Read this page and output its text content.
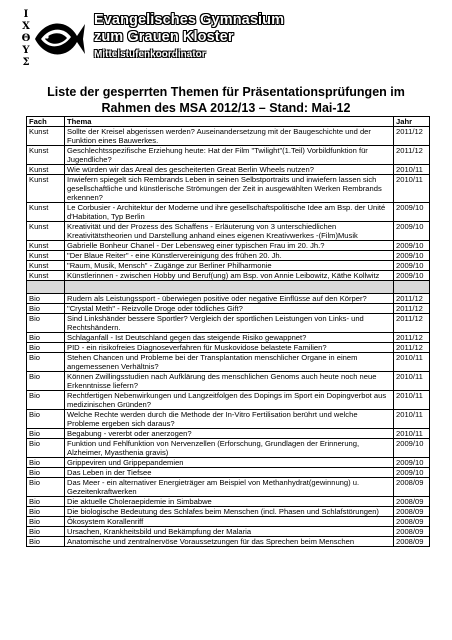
Ι
Χ
Θ
Υ
Σ
Evangelisches Gymnasium
zum Grauen Kloster
Mittelstufenkoordinator
Liste der gesperrten Themen für Präsentationsprüfungen im
Rahmen des MSA 2012/13 – Stand: Mai-12
Fach	Thema	Jahr
Kunst	Sollte der Kreisel abgerissen werden? Auseinandersetzung mit der Baugeschichte und der Funktion eines Bauwerkes.	2011/12
Kunst	Geschlechtsspezifische Erziehung heute: Hat der Film "Twilight"(1.Teil) Vorbildfunktion für Jugendliche?	2011/12
Kunst	Wie würden wir das Areal des gescheiterten Great Berlin Wheels nutzen?	2010/11
Kunst	Inwiefern spiegelt sich Rembrands Leben in seinen Selbstportraits und inwiefern lassen sich gesellschaftliche und künstlerische Strömungen der Zeit in ausgewählten Werken Rembrands erkennen?	2010/11
Kunst	Le Corbusier - Architektur der Moderne und ihre gesellschaftspolitische Idee am Bsp. der Unité d'Habitation, Typ Berlin	2009/10
Kunst	Kreativität und der Prozess des Schaffens - Erläuterung von 3 unterschiedlichen Kreativitätstheorien und Darstellung anhand eines eigenen Kreativwerkes -(Film)Musik	2009/10
Kunst	Gabrielle Bonheur Chanel - Der Lebensweg einer typischen Frau im 20. Jh.?	2009/10
Kunst	"Der Blaue Reiter" - eine Künstlervereinigung des frühen 20. Jh.	2009/10
Kunst	"Raum, Musik, Mensch" - Zugänge zur Berliner Philharmonie	2009/10
Kunst	Künstlerinnen - zwischen Hobby und Beruf(ung) am Bsp. von Annie Leibowitz, Käthe Kollwitz	2009/10

Bio	Rudern als Leistungssport - überwiegen positive oder negative Einflüsse auf den Körper?	2011/12
Bio	"Crystal Meth" - Reizvolle Droge oder tödliches Gift?	2011/12
Bio	Sind Linkshänder bessere Sportler? Vergleich der sportlichen Leistungen von Links- und Rechtshändern.	2011/12
Bio	Schlaganfall - Ist Deutschland gegen das steigende Risiko gewappnet?	2011/12
Bio	PID - ein risikofreies Diagnoseverfahren für Muskovidose belastete Familien?	2011/12
Bio	Stehen Chancen und Probleme bei der Transplantation menschlicher Organe in einem angemessenen Verhältnis?	2010/11
Bio	Können Zwillingsstudien nach Aufklärung des menschlichen Genoms auch heute noch neue Erkenntnisse liefern?	2010/11
Bio	Rechtfertigen Nebenwirkungen und Langzeitfolgen des Dopings im Sport ein Dopingverbot aus medizinischen Gründen?	2010/11
Bio	Welche Rechte werden durch die Methode der In-Vitro Fertilisation berührt und welche Probleme ergeben sich daraus?	2010/11
Bio	Begabung - vererbt oder anerzogen?	2010/11
Bio	Funktion und Fehlfunktion von Nervenzellen (Erforschung, Grundlagen der Erinnerung, Alzheimer, Myasthenia gravis)	2009/10
Bio	Grippeviren und Grippepandemien	2009/10
Bio	Das Leben in der Tiefsee	2009/10
Bio	Das Meer - ein alternativer Energieträger am Beispiel von Methanhydrat(gewinnung) u. Gezeitenkraftwerken	2008/09
Bio	Die aktuelle Choleraepidemie in Simbabwe	2008/09
Bio	Die biologische Bedeutung des Schlafes beim Menschen (incl. Phasen und Schlafstörungen)	2008/09
Bio	Ökosystem Korallenriff	2008/09
Bio	Ursachen, Krankheitsbild und Bekämpfung der Malaria	2008/09
Bio	Anatomische und zentralnervöse Voraussetzungen für das Sprechen beim Menschen	2008/09
